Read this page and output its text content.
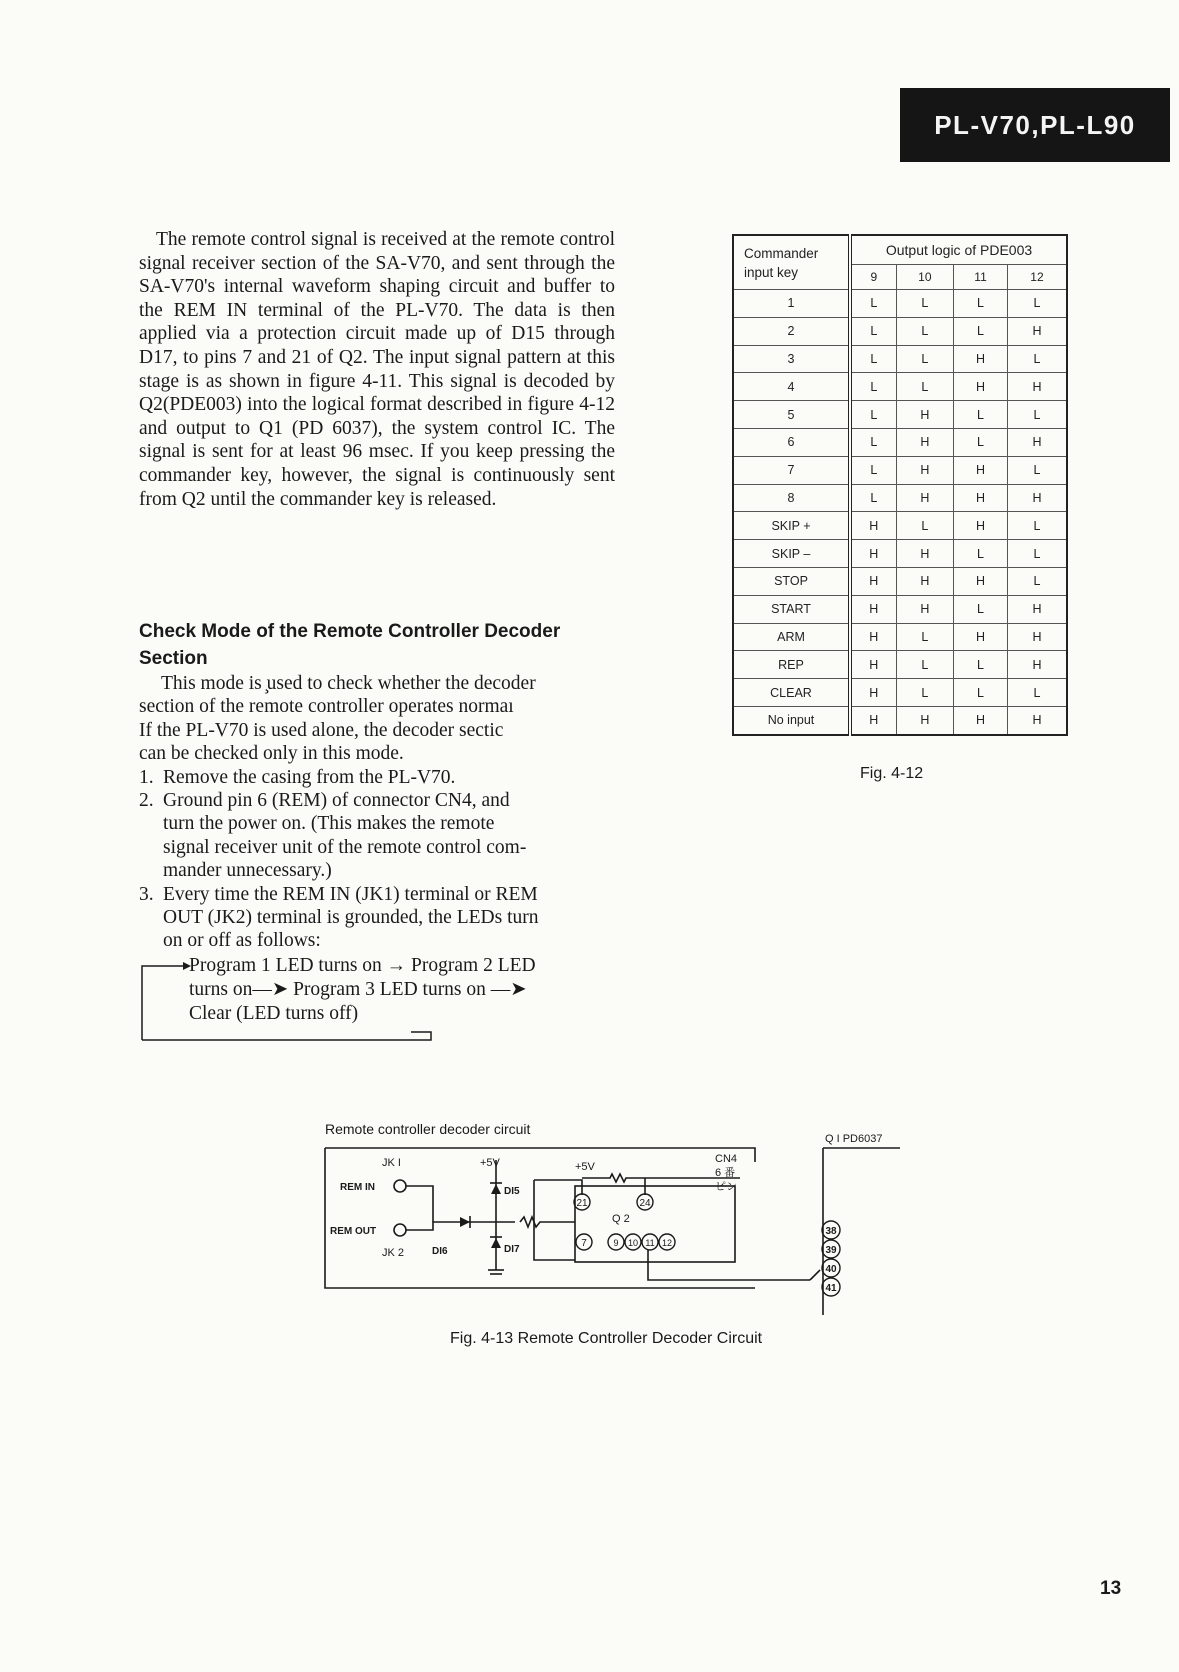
PL-V70,PL-L90

The remote control signal is received at the remote control signal receiver section of the SA-V70, and sent through the SA-V70's internal waveform shaping circuit and buffer to the REM IN terminal of the PL-V70. The data is then applied via a protection circuit made up of D15 through D17, to pins 7 and 21 of Q2. The input signal pattern at this stage is as shown in figure 4-11. This signal is decoded by Q2(PDE003) into the logical format described in figure 4-12 and output to Q1 (PD 6037), the system control IC. The signal is sent for at least 96 msec. If you keep pressing the commander key, however, the signal is continuously sent from Q2 until the commander key is released.

Check Mode of the Remote Controller Decoder
Section
This mode is ̧used to check whether the decoder
section of the remote controller operates normaı
If the PL-V70 is used alone, the decoder sectic
can be checked only in this mode.
1. Remove the casing from the PL-V70.
2. Ground pin 6 (REM) of connector CN4, and
turn the power on. (This makes the remote
signal receiver unit of the remote control com-
mander unnecessary.)
3. Every time the REM IN (JK1) terminal or REM
OUT (JK2) terminal is grounded, the LEDs turn
on or off as follows:
Program 1 LED turns on → Program 2 LED
turns on—➤ Program 3 LED turns on —➤
Clear (LED turns off)
Commander
input key	Output logic of PDE003			
	9	10	11	12
1	L	L	L	L
2	L	L	L	H
3	L	L	H	L
4	L	L	H	H
5	L	H	L	L
6	L	H	L	H
7	L	H	H	L
8	L	H	H	H
SKIP +	H	L	H	L
SKIP –	H	H	L	L
STOP	H	H	H	L
START	H	H	L	H
ARM	H	L	H	H
REP	H	L	L	H
CLEAR	H	L	L	L
No input	H	H	H	H
Fig. 4-12
Remote controller decoder circuit
JK I	+5V
REM IN
REM OUT
JK 2	DI6
DI5
DI7
+5V
Q 2
CN4
6 番
ピン
21	24
7	9 10 11 12
Q I PD6037
38
39
40
41
Fig. 4-13 Remote Controller Decoder Circuit
13
